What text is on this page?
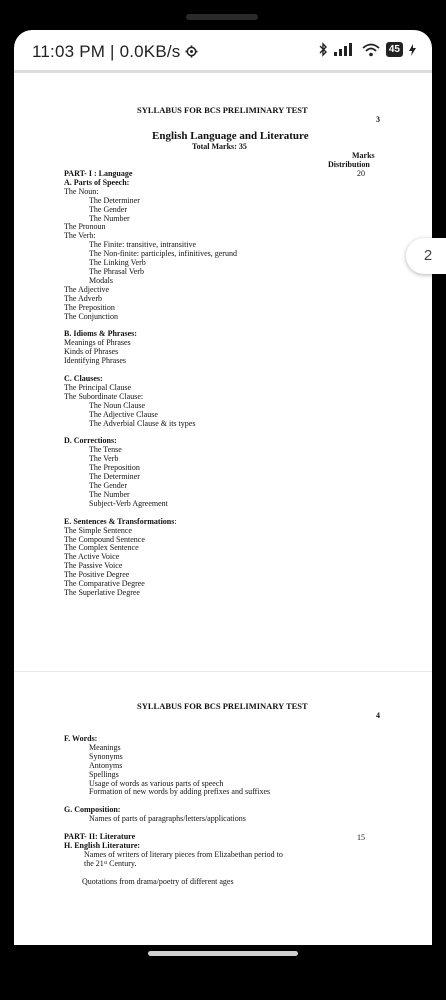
11:03 PM | 0.0KB/s	45
SYLLABUS FOR BCS PRELIMINARY TEST
3
English Language and Literature
Total Marks: 35
Marks
Distribution
20
PART- I : Language
A. Parts of Speech:
The Noun:
The Determiner
The Gender
The Number
The Pronoun
The Verb:
The Finite: transitive, intransitive
The Non-finite: participles, infinitives, gerund
The Linking Verb
The Phrasal Verb
Modals
The Adjective
The Adverb
The Preposition
The Conjunction
B. Idioms & Phrases:
Meanings of Phrases
Kinds of Phrases
Identifying Phrases
C. Clauses:
The Principal Clause
The Subordinate Clause:
The Noun Clause
The Adjective Clause
The Adverbial Clause & its types
D. Corrections:
The Tense
The Verb
The Preposition
The Determiner
The Gender
The Number
Subject-Verb Agreement
E. Sentences & Transformations:
The Simple Sentence
The Compound Sentence
The Complex Sentence
The Active Voice
The Passive Voice
The Positive Degree
The Comparative Degree
The Superlative Degree
SYLLABUS FOR BCS PRELIMINARY TEST
4
F. Words:
Meanings
Synonyms
Antonyms
Spellings
Usage of words as various parts of speech
Formation of new words by adding prefixes and suffixes
G. Composition:
Names of parts of paragraphs/letters/applications
PART- II: Literature
H. English Literature:
Names of writers of literary pieces from Elizabethan period to
the 21st Century.
Quotations from drama/poetry of different ages
15
2
